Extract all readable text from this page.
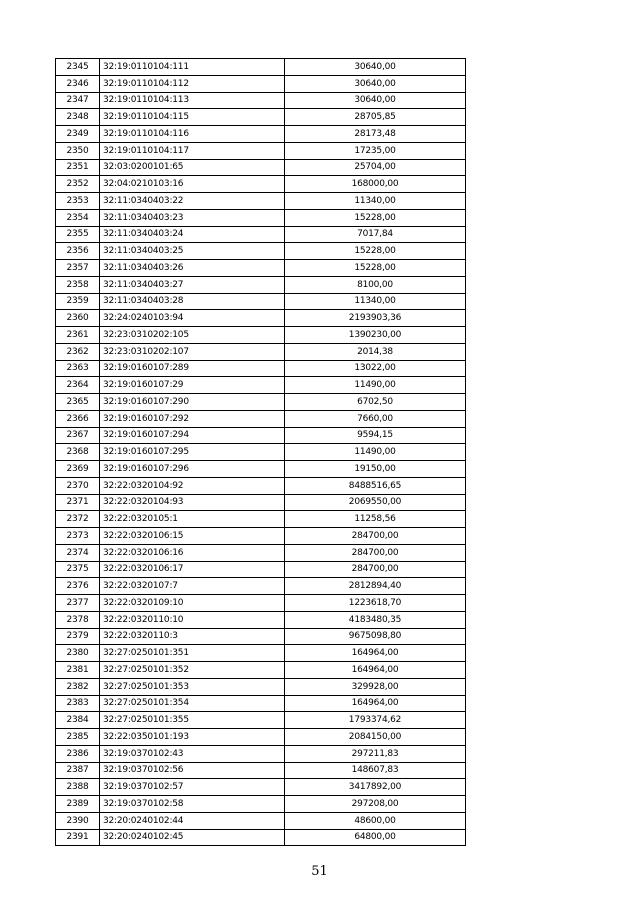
2345	32:19:0110104:111	30640,00
2346	32:19:0110104:112	30640,00
2347	32:19:0110104:113	30640,00
2348	32:19:0110104:115	28705,85
2349	32:19:0110104:116	28173,48
2350	32:19:0110104:117	17235,00
2351	32:03:0200101:65	25704,00
2352	32:04:0210103:16	168000,00
2353	32:11:0340403:22	11340,00
2354	32:11:0340403:23	15228,00
2355	32:11:0340403:24	7017,84
2356	32:11:0340403:25	15228,00
2357	32:11:0340403:26	15228,00
2358	32:11:0340403:27	8100,00
2359	32:11:0340403:28	11340,00
2360	32:24:0240103:94	2193903,36
2361	32:23:0310202:105	1390230,00
2362	32:23:0310202:107	2014,38
2363	32:19:0160107:289	13022,00
2364	32:19:0160107:29	11490,00
2365	32:19:0160107:290	6702,50
2366	32:19:0160107:292	7660,00
2367	32:19:0160107:294	9594,15
2368	32:19:0160107:295	11490,00
2369	32:19:0160107:296	19150,00
2370	32:22:0320104:92	8488516,65
2371	32:22:0320104:93	2069550,00
2372	32:22:0320105:1	11258,56
2373	32:22:0320106:15	284700,00
2374	32:22:0320106:16	284700,00
2375	32:22:0320106:17	284700,00
2376	32:22:0320107:7	2812894,40
2377	32:22:0320109:10	1223618,70
2378	32:22:0320110:10	4183480,35
2379	32:22:0320110:3	9675098,80
2380	32:27:0250101:351	164964,00
2381	32:27:0250101:352	164964,00
2382	32:27:0250101:353	329928,00
2383	32:27:0250101:354	164964,00
2384	32:27:0250101:355	1793374,62
2385	32:22:0350101:193	2084150,00
2386	32:19:0370102:43	297211,83
2387	32:19:0370102:56	148607,83
2388	32:19:0370102:57	3417892,00
2389	32:19:0370102:58	297208,00
2390	32:20:0240102:44	48600,00
2391	32:20:0240102:45	64800,00
51
